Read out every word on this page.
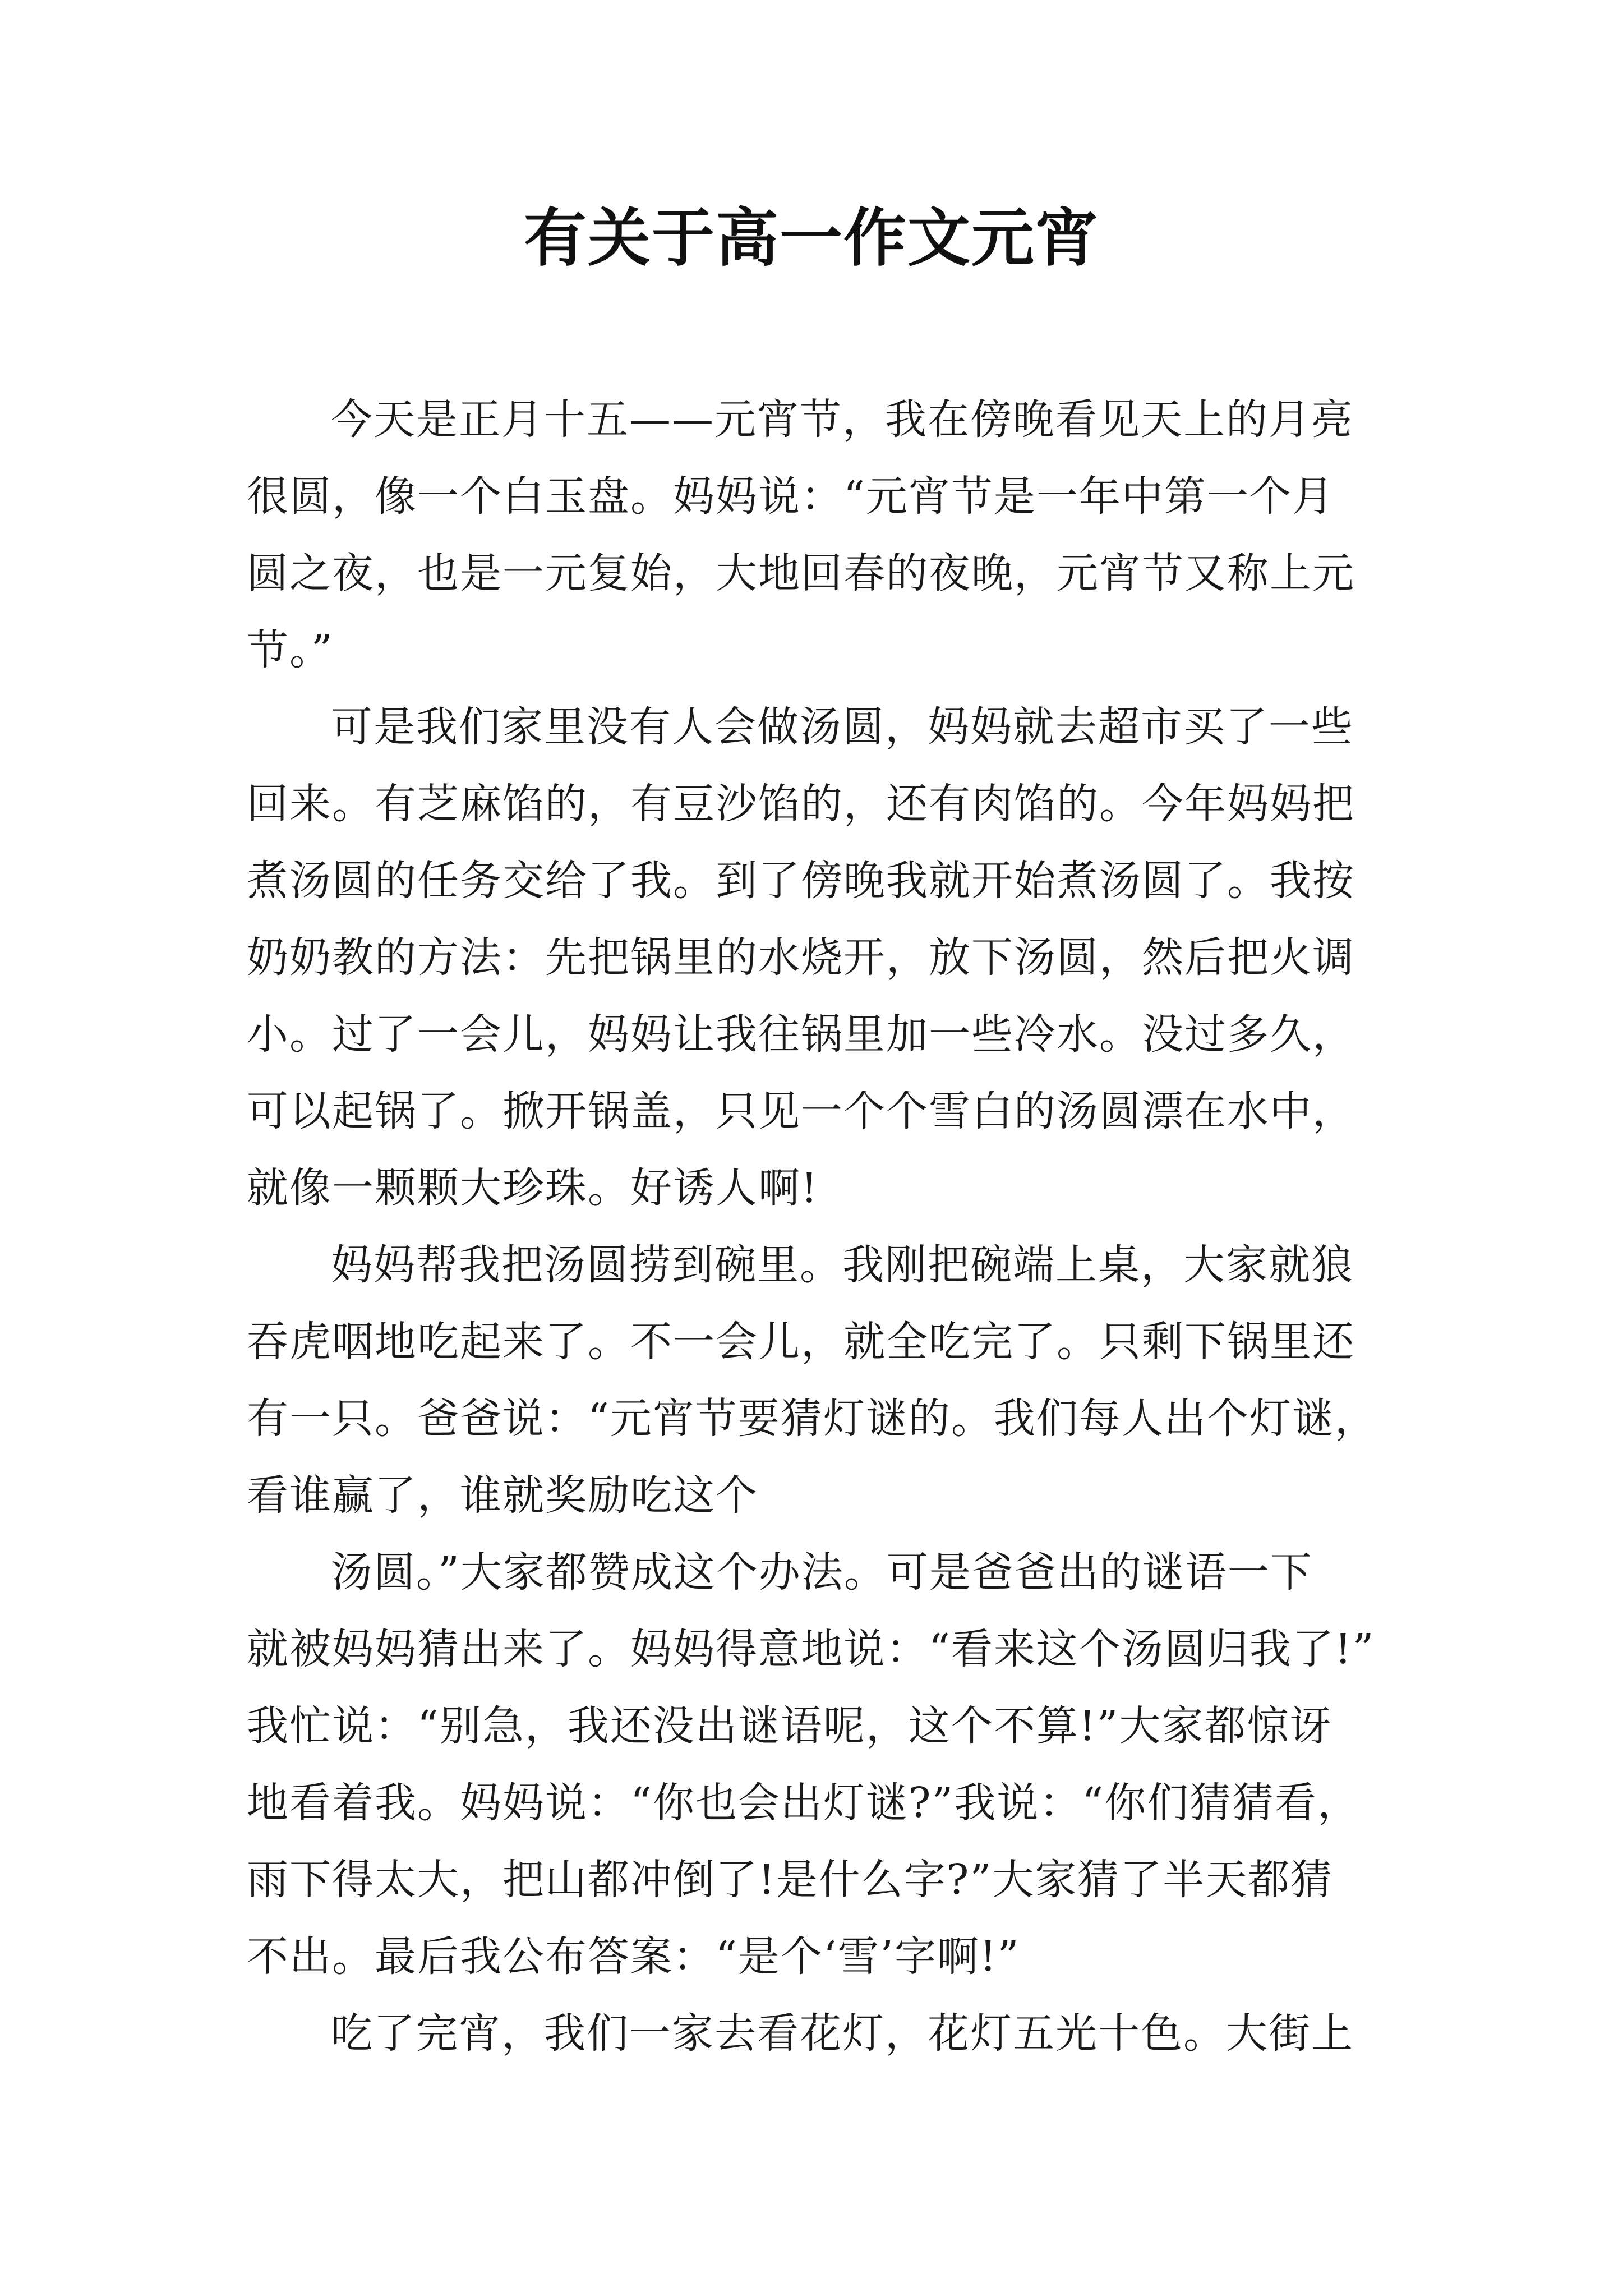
有关于高一作文元宵
今天是正月十五——元宵节，我在傍晚看见天上的月亮
很圆，像一个白玉盘。妈妈说：“元宵节是一年中第一个月
圆之夜，也是一元复始，大地回春的夜晚，元宵节又称上元
节。”
可是我们家里没有人会做汤圆，妈妈就去超市买了一些
回来。有芝麻馅的，有豆沙馅的，还有肉馅的。今年妈妈把
煮汤圆的任务交给了我。到了傍晚我就开始煮汤圆了。我按
奶奶教的方法：先把锅里的水烧开，放下汤圆，然后把火调
小。过了一会儿，妈妈让我往锅里加一些冷水。没过多久，
可以起锅了。掀开锅盖，只见一个个雪白的汤圆漂在水中，
就像一颗颗大珍珠。好诱人啊!
妈妈帮我把汤圆捞到碗里。我刚把碗端上桌，大家就狼
吞虎咽地吃起来了。不一会儿，就全吃完了。只剩下锅里还
有一只。爸爸说：“元宵节要猜灯谜的。我们每人出个灯谜，
看谁赢了，谁就奖励吃这个
汤圆。”大家都赞成这个办法。可是爸爸出的谜语一下
就被妈妈猜出来了。妈妈得意地说：“看来这个汤圆归我了!”
我忙说：“别急，我还没出谜语呢，这个不算!”大家都惊讶
地看着我。妈妈说：“你也会出灯谜?”我说：“你们猜猜看，
雨下得太大，把山都冲倒了!是什么字?”大家猜了半天都猜
不出。最后我公布答案：“是个‘雪’字啊!”
吃了完宵，我们一家去看花灯，花灯五光十色。大街上
